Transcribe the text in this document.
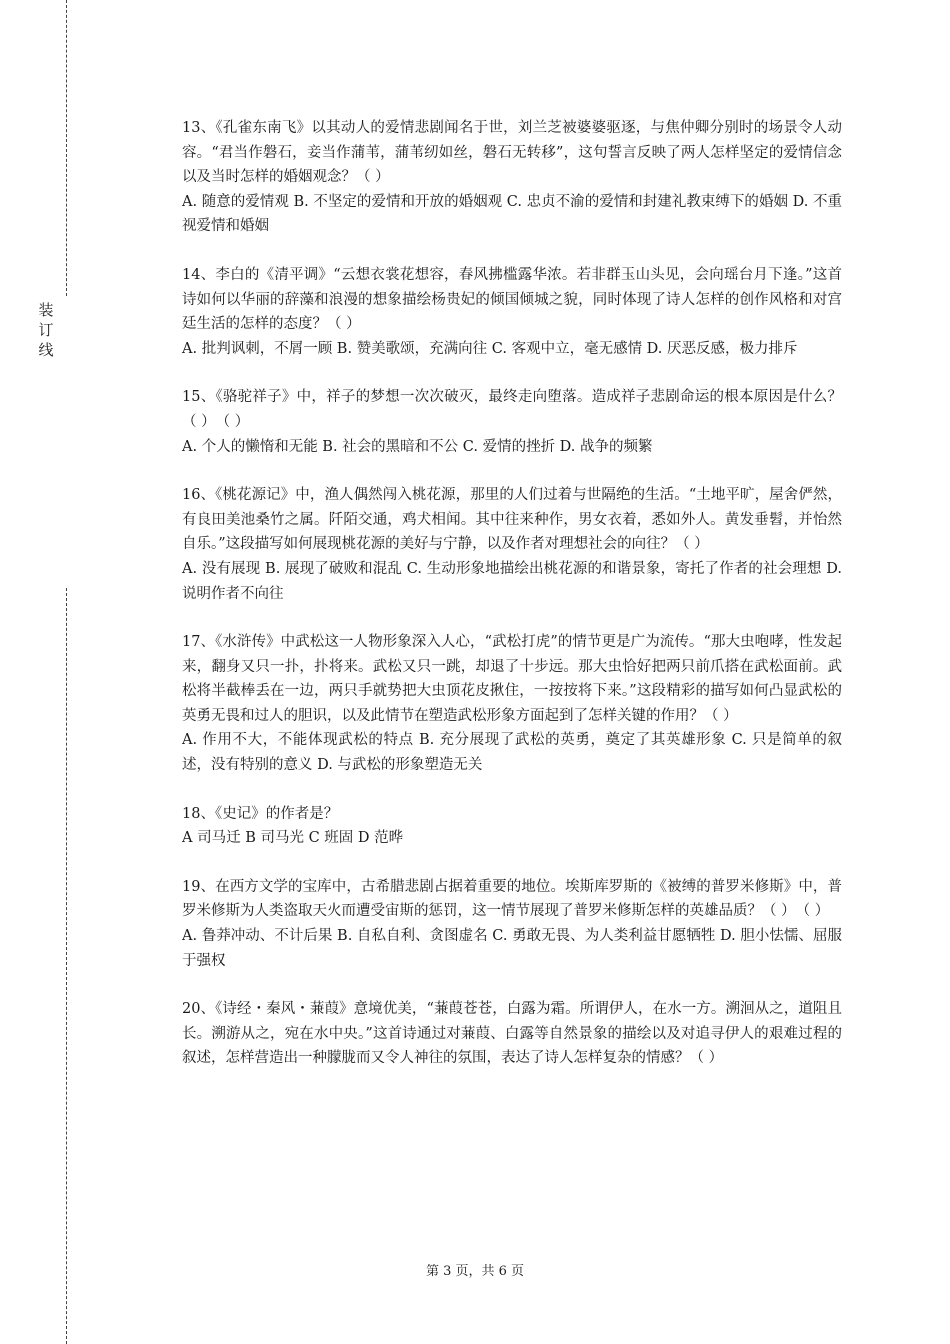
装订线

13、《孔雀东南飞》以其动人的爱情悲剧闻名于世，刘兰芝被婆婆驱逐，与焦仲卿分别时的场景令人动容。“君当作磐石，妾当作蒲苇，蒲苇纫如丝，磐石无转移”，这句誓言反映了两人怎样坚定的爱情信念以及当时怎样的婚姻观念？（ ）

A. 随意的爱情观 B. 不坚定的爱情和开放的婚姻观 C. 忠贞不渝的爱情和封建礼教束缚下的婚姻 D. 不重视爱情和婚姻

14、李白的《清平调》“云想衣裳花想容，春风拂槛露华浓。若非群玉山头见，会向瑶台月下逢。”这首诗如何以华丽的辞藻和浪漫的想象描绘杨贵妃的倾国倾城之貌，同时体现了诗人怎样的创作风格和对宫廷生活的怎样的态度？（ ）

A. 批判讽刺，不屑一顾 B. 赞美歌颂，充满向往 C. 客观中立，毫无感情 D. 厌恶反感，极力排斥

15、《骆驼祥子》中，祥子的梦想一次次破灭，最终走向堕落。造成祥子悲剧命运的根本原因是什么？（ ）　（ ）

A. 个人的懒惰和无能 B. 社会的黑暗和不公 C. 爱情的挫折 D. 战争的频繁

16、《桃花源记》中，渔人偶然闯入桃花源，那里的人们过着与世隔绝的生活。“土地平旷，屋舍俨然，有良田美池桑竹之属。阡陌交通，鸡犬相闻。其中往来种作，男女衣着，悉如外人。黄发垂髫，并怡然自乐。”这段描写如何展现桃花源的美好与宁静，以及作者对理想社会的向往？（ ）

A. 没有展现 B. 展现了破败和混乱 C. 生动形象地描绘出桃花源的和谐景象，寄托了作者的社会理想 D. 说明作者不向往

17、《水浒传》中武松这一人物形象深入人心，“武松打虎”的情节更是广为流传。“那大虫咆哮，性发起来，翻身又只一扑，扑将来。武松又只一跳，却退了十步远。那大虫恰好把两只前爪搭在武松面前。武松将半截棒丢在一边，两只手就势把大虫顶花皮揪住，一按按将下来。”这段精彩的描写如何凸显武松的英勇无畏和过人的胆识，以及此情节在塑造武松形象方面起到了怎样关键的作用？（ ）

A. 作用不大，不能体现武松的特点 B. 充分展现了武松的英勇，奠定了其英雄形象 C. 只是简单的叙述，没有特别的意义 D. 与武松的形象塑造无关

18、《史记》的作者是？

A 司马迁 B 司马光 C 班固 D 范晔

19、在西方文学的宝库中，古希腊悲剧占据着重要的地位。埃斯库罗斯的《被缚的普罗米修斯》中，普罗米修斯为人类盗取天火而遭受宙斯的惩罚，这一情节展现了普罗米修斯怎样的英雄品质？（ ）　（ ）

A. 鲁莽冲动、不计后果 B. 自私自利、贪图虚名 C. 勇敢无畏、为人类利益甘愿牺牲 D. 胆小怯懦、屈服于强权

20、《诗经・秦风・蒹葭》意境优美，“蒹葭苍苍，白露为霜。所谓伊人，在水一方。溯洄从之，道阻且长。溯游从之，宛在水中央。”这首诗通过对蒹葭、白露等自然景象的描绘以及对追寻伊人的艰难过程的叙述，怎样营造出一种朦胧而又令人神往的氛围，表达了诗人怎样复杂的情感？（ ）

第 3 页，共 6 页
